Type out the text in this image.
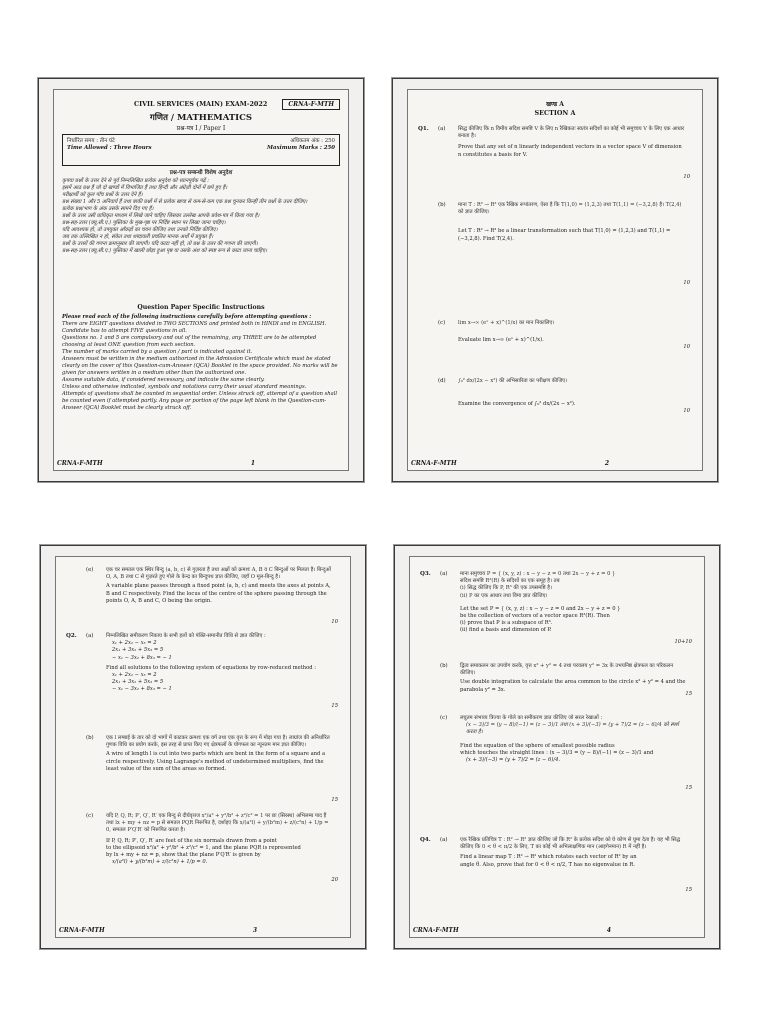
CIVIL SERVICES (MAIN) EXAM-2022	CRNA-F-MTH
गणित / MATHEMATICS
प्रश्न-पत्र I / Paper I
निर्धारित समय : तीन घंटे
Time Allowed : Three Hours
अधिकतम अंक : 250
Maximum Marks : 250
प्रश्न-पत्र सम्बन्धी विशेष अनुदेश
कृपया प्रश्नों के उत्तर देने से पूर्व निम्नलिखित प्रत्येक अनुदेश को ध्यानपूर्वक पढ़ें :
इसमें आठ प्रश्न हैं जो दो खण्डों में विभाजित हैं तथा हिन्दी और अंग्रेज़ी दोनों में छपे हुए हैं।
परीक्षार्थी को कुल पाँच प्रश्नों के उत्तर देने हैं।
प्रश्न संख्या 1 और 5 अनिवार्य हैं तथा बाकी प्रश्नों में से प्रत्येक खण्ड से कम-से-कम एक प्रश्न चुनकर किन्हीं तीन प्रश्नों के उत्तर दीजिए।
प्रत्येक प्रश्न/भाग के अंक उसके सामने दिए गए हैं।
प्रश्नों के उत्तर उसी प्राधिकृत माध्यम में लिखे जाने चाहिए जिसका उल्लेख आपके प्रवेश-पत्र में किया गया है।
प्रश्न-सह-उत्तर (क्यू.सी.ए.) पुस्तिका के मुख-पृष्ठ पर निर्दिष्ट स्थान पर लिखा जाना चाहिए।
यदि आवश्यक हो, तो उपयुक्त आँकड़ों का चयन कीजिए तथा उनको निर्दिष्ट कीजिए।
जब तक उल्लिखित न हो, संकेत तथा शब्दावली प्रचलित मानक अर्थों में प्रयुक्त हैं।
प्रश्नों के उत्तरों की गणना क्रमानुसार की जाएगी। यदि काटा नहीं हो, तो प्रश्न के उत्तर की गणना की जाएगी।
प्रश्न-सह-उत्तर (क्यू.सी.ए.) पुस्तिका में खाली छोड़ा हुआ पृष्ठ या उसके अंश को स्पष्ट रूप से काटा जाना चाहिए।
Question Paper Specific Instructions
Please read each of the following instructions carefully before attempting questions :
There are EIGHT questions divided in TWO SECTIONS and printed both in HINDI and in ENGLISH.
Candidate has to attempt FIVE questions in all.
Questions no. 1 and 5 are compulsory and out of the remaining, any THREE are to be attempted choosing at least ONE question from each section.
The number of marks carried by a question / part is indicated against it.
Answers must be written in the medium authorized in the Admission Certificate which must be stated clearly on the cover of this Question-cum-Answer (QCA) Booklet in the space provided. No marks will be given for answers written in a medium other than the authorized one.
Assume suitable data, if considered necessary, and indicate the same clearly.
Unless and otherwise indicated, symbols and notations carry their usual standard meanings.
Attempts of questions shall be counted in sequential order. Unless struck off, attempt of a question shall be counted even if attempted partly. Any page or portion of the page left blank in the Question-cum-Answer (QCA) Booklet must be clearly struck off.
CRNA-F-MTH	1
खण्ड A
SECTION A
Q1. (a) सिद्ध कीजिए कि n विमीय सदिश समष्टि V के लिए n रैखिकतः स्वतंत्र सदिशों का कोई भी समुच्चय V के लिए एक आधार बनाता है।
Prove that any set of n linearly independent vectors in a vector space V of dimension n constitutes a basis for V.
10
(b) माना T : R² → R³ एक रैखिक रूपांतरण, ऐसा है कि T(1,0) = (1,2,3) तथा T(1,1) = (−3,2,8) है। T(2,4) को ज्ञात कीजिए।
Let T : R² → R³ be a linear transformation such that T(1,0) = (1,2,3) and T(1,1) = (−3,2,8). Find T(2,4).
10
(c) lim x→∞ (eˣ + x)^(1/x) का मान निकालिए।
Evaluate lim x→∞ (eˣ + x)^(1/x).
10
(d) ∫₀² dx/(2x − x²) की अभिसारिता का परीक्षण कीजिए।
Examine the convergence of ∫₀² dx/(2x − x²).
10
CRNA-F-MTH	2
(e) एक चर समतल एक स्थिर बिन्दु (a, b, c) से गुज़रता है तथा अक्षों को क्रमशः A, B व C बिन्दुओं पर मिलता है। बिन्दुओं O, A, B तथा C से गुज़रते हुए गोले के केन्द्र का बिन्दुपथ ज्ञात कीजिए, जहाँ O मूल-बिन्दु है।
A variable plane passes through a fixed point (a, b, c) and meets the axes at points A, B and C respectively. Find the locus of the centre of the sphere passing through the points O, A, B and C, O being the origin.
10
Q2. (a) निम्नलिखित समीकरण निकाय के सभी हलों को पंक्ति-समानीत विधि से ज्ञात कीजिए :
x₁ + 2x₂ − x₃ = 2
2x₁ + 3x₂ + 5x₃ = 5
− x₁ − 3x₂ + 8x₃ = − 1
Find all solutions to the following system of equations by row-reduced method :
x₁ + 2x₂ − x₃ = 2
2x₁ + 3x₂ + 5x₃ = 5
− x₁ − 3x₂ + 8x₃ = − 1
15
(b) एक l लम्बाई के तार को दो भागों में काटकर क्रमशः एक वर्ग तथा एक वृत्त के रूप में मोड़ा गया है। लाग्रांज की अनिर्धारित गुणक विधि का प्रयोग करके, इस तरह से प्राप्त किए गए क्षेत्रफलों के योगफल का न्यूनतम मान ज्ञात कीजिए।
A wire of length l is cut into two parts which are bent in the form of a square and a circle respectively. Using Lagrange's method of undetermined multipliers, find the least value of the sum of the areas so formed.
15
(c) यदि P, Q, R; P′, Q′, R′ एक बिन्दु से दीर्घवृत्तज x²/a² + y²/b² + z²/c² = 1 पर छः (सिरस्थ) अभिलम्ब पाद हैं तथा lx + my + nz = p से समतल PQR निरूपित है, दर्शाइए कि x/(a²l) + y/(b²m) + z/(c²n) + 1/p = 0, समतल P′Q′R′ को निरूपित करता है।
If P, Q, R; P′, Q′, R′ are feet of the six normals drawn from a point
to the ellipsoid x²/a² + y²/b² + z²/c² = 1, and the plane PQR is represented
by lx + my + nz = p, show that the plane P′Q′R′ is given by
x/(a²l) + y/(b²m) + z/(c²n) + 1/p = 0.
20
CRNA-F-MTH	3
Q3. (a) माना समुच्चय P = { (x, y, z) : x − y − z = 0 तथा 2x − y + z = 0 }
सदिश समष्टि R³(R) के सदिशों का एक समूह है। तब
(i) सिद्ध कीजिए कि P, R³ की एक उपसमष्टि है।
(ii) P का एक आधार तथा विमा ज्ञात कीजिए।
Let the set P = { (x, y, z) : x − y − z = 0 and 2x − y + z = 0 }
be the collection of vectors of a vector space R³(R). Then
(i) prove that P is a subspace of R³.
(ii) find a basis and dimension of P.
10+10
(b) द्वित्व समाकलन का उपयोग करके, वृत्त x² + y² = 4 तथा परवलय y² = 3x के उभयनिष्ठ क्षेत्रफल का परिकलन कीजिए।
Use double integration to calculate the area common to the circle x² + y² = 4 and the parabola y² = 3x.
15
(c) लघुतम संभाव्य त्रिज्या के गोले का समीकरण ज्ञात कीजिए जो सरल रेखाओं :
(x − 3)/3 = (y − 8)/(−1) = (z − 3)/1 तथा (x + 3)/(−3) = (y + 7)/2 = (z − 6)/4 को स्पर्श करता है।
Find the equation of the sphere of smallest possible radius
which touches the straight lines : (x − 3)/3 = (y − 8)/(−1) = (z − 3)/1 and
(x + 3)/(−3) = (y + 7)/2 = (z − 6)/4.
15
Q4. (a) एक रैखिक प्रतिचित्र T : R² → R² ज्ञात कीजिए जो कि R² के प्रत्येक सदिश को θ कोण से घुमा देता है। यह भी सिद्ध कीजिए कि 0 < θ < π/2 के लिए, T का कोई भी अभिलाक्षणिक मान (आइगेनमान) R में नहीं है।
Find a linear map T : R² → R² which rotates each vector of R² by an
angle θ. Also, prove that for 0 < θ < π/2, T has no eigenvalue in R.
15
CRNA-F-MTH	4
